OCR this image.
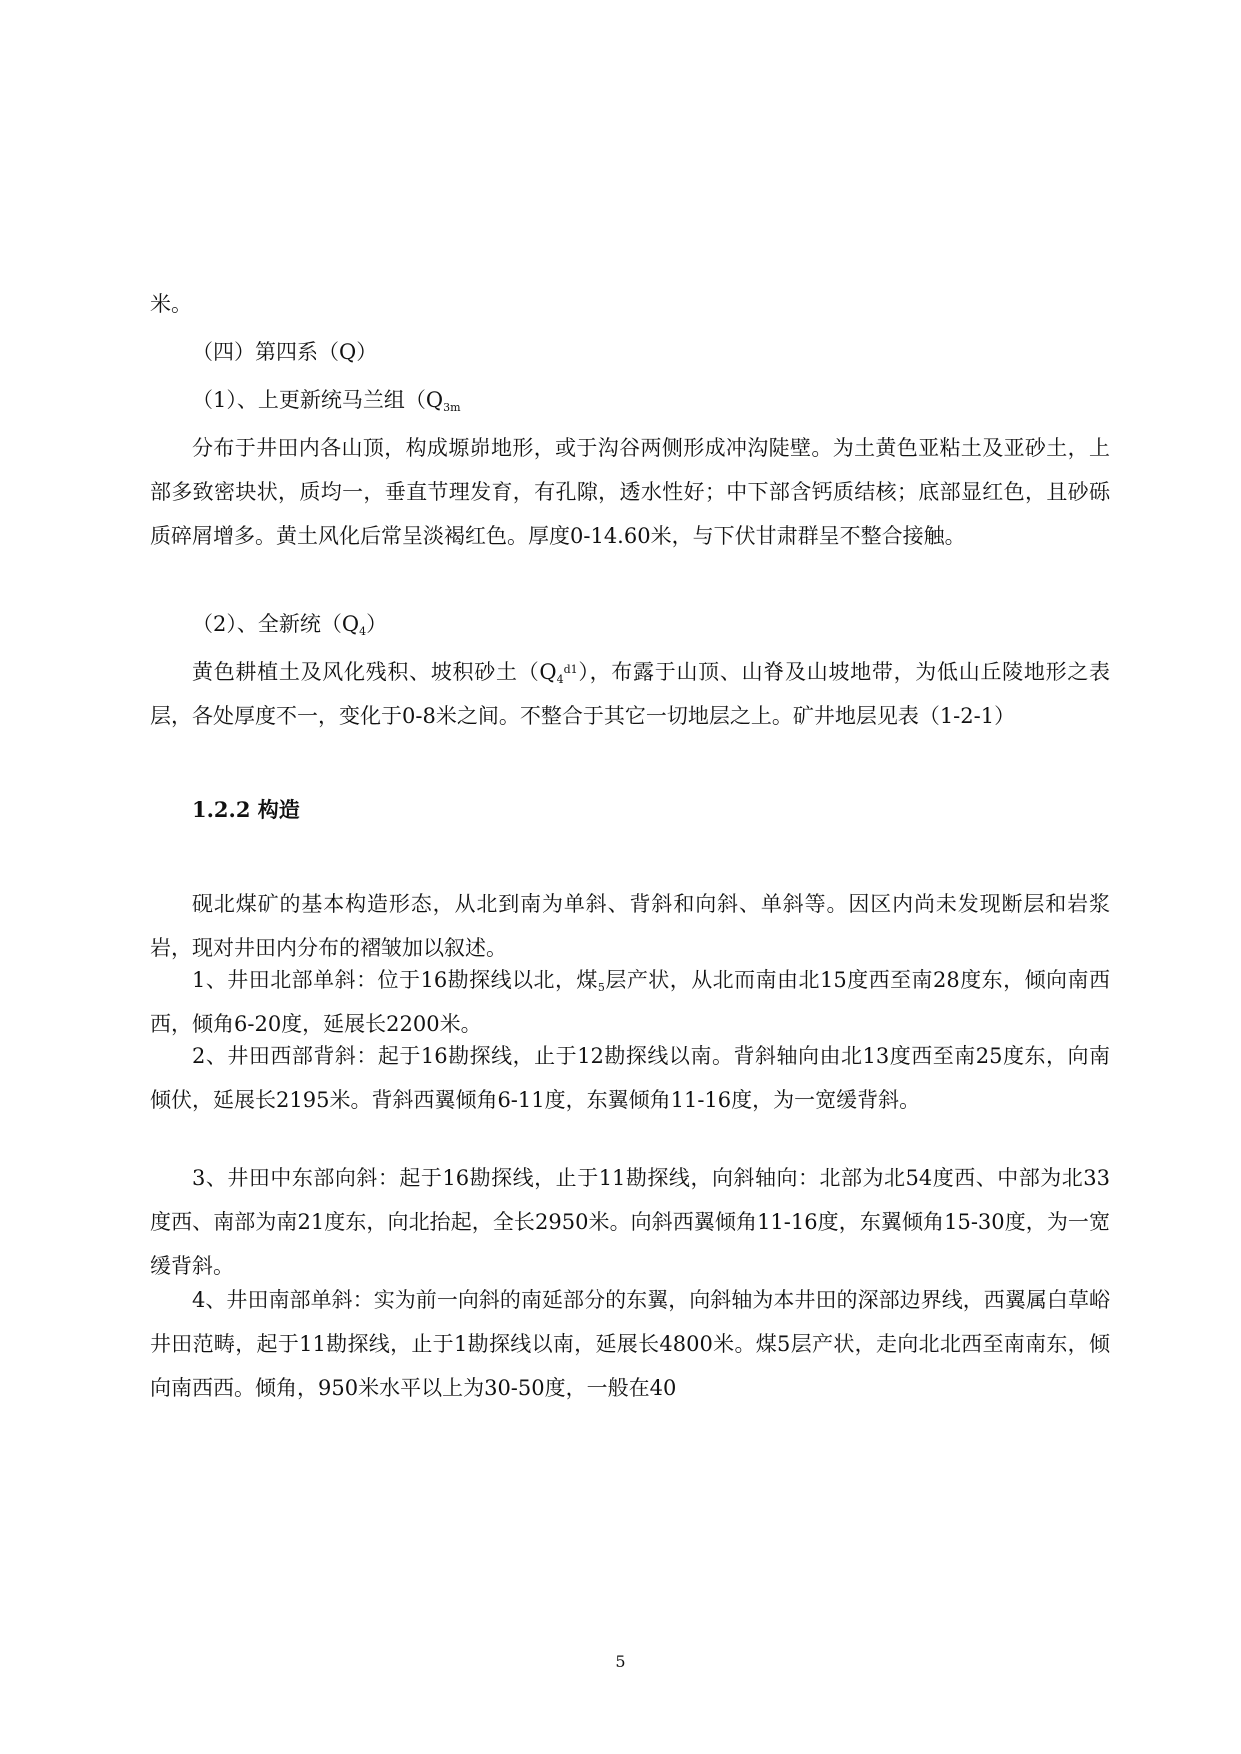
米。

（四）第四系（Q）

（1）、上更新统马兰组（$Q_{3m}$

分布于井田内各山顶，构成塬峁地形，或于沟谷两侧形成冲沟陡壁。为土黄色亚粘土及亚砂土，上部多致密块状，质均一，垂直节理发育，有孔隙，透水性好；中下部含钙质结核；底部显红色，且砂砾质碎屑增多。黄土风化后常呈淡褐红色。厚度0-14.60米，与下伏甘肃群呈不整合接触。

（2）、全新统$(Q_4)$

黄色耕植土及风化残积、坡积砂土$(Q_4^{d1})$，布露于山顶、山脊及山坡地带，为低山丘陵地形之表层，各处厚度不一，变化于0-8米之间。不整合于其它一切地层之上。矿井地层见表（1-2-1）

1.2.2 构造

砚北煤矿的基本构造形态，从北到南为单斜、背斜和向斜、单斜等。因区内尚未发现断层和岩浆岩，现对井田内分布的褶皱加以叙述。

1、井田北部单斜：位于16勘探线以北，煤$_5$层产状，从北而南由北15度西至南28度东，倾向南西西，倾角6-20度，延展长2200米。

2、井田西部背斜：起于16勘探线，止于12勘探线以南。背斜轴向由北13度西至南25度东，向南倾伏，延展长2195米。背斜西翼倾角6-11度，东翼倾角11-16度，为一宽缓背斜。

3、井田中东部向斜：起于16勘探线，止于11勘探线，向斜轴向：北部为北54度西、中部为北33度西、南部为南21度东，向北抬起，全长2950米。向斜西翼倾角11-16度，东翼倾角15-30度，为一宽缓背斜。

4、井田南部单斜：实为前一向斜的南延部分的东翼，向斜轴为本井田的深部边界线，西翼属白草峪井田范畴，起于11勘探线，止于1勘探线以南，延展长4800米。煤5层产状，走向北北西至南南东，倾向南西西。倾角，950米水平以上为30-50度，一般在40

5
